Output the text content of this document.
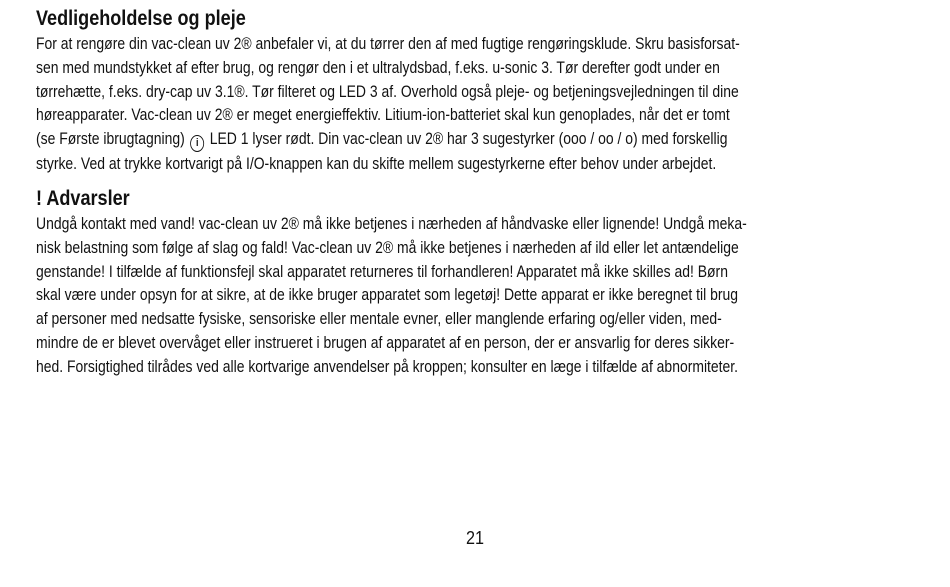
Vedligeholdelse og pleje
For at rengøre din vac-clean uv 2® anbefaler vi, at du tørrer den af med fugtige rengøringsklude. Skru basisforsat-
sen med mundstykket af efter brug, og rengør den i et ultralydsbad, f.eks. u-sonic 3. Tør derefter godt under en
tørrehætte, f.eks. dry-cap uv 3.1®. Tør filteret og LED 3 af. Overhold også pleje- og betjeningsvejledningen til dine
høreapparater. Vac-clean uv 2® er meget energieffektiv. Litium-ion-batteriet skal kun genoplades, når det er tomt
(se Første ibrugtagning) i LED 1 lyser rødt. Din vac-clean uv 2® har 3 sugestyrker (ooo / oo / o) med forskellig
styrke. Ved at trykke kortvarigt på I/O-knappen kan du skifte mellem sugestyrkerne efter behov under arbejdet.
! Advarsler
Undgå kontakt med vand! vac-clean uv 2® må ikke betjenes i nærheden af håndvaske eller lignende! Undgå meka-
nisk belastning som følge af slag og fald! Vac-clean uv 2® må ikke betjenes i nærheden af ild eller let antændelige
genstande! I tilfælde af funktionsfejl skal apparatet returneres til forhandleren! Apparatet må ikke skilles ad! Børn
skal være under opsyn for at sikre, at de ikke bruger apparatet som legetøj! Dette apparat er ikke beregnet til brug
af personer med nedsatte fysiske, sensoriske eller mentale evner, eller manglende erfaring og/eller viden, med-
mindre de er blevet overvåget eller instrueret i brugen af apparatet af en person, der er ansvarlig for deres sikker-
hed. Forsigtighed tilrådes ved alle kortvarige anvendelser på kroppen; konsulter en læge i tilfælde af abnormiteter.
21
